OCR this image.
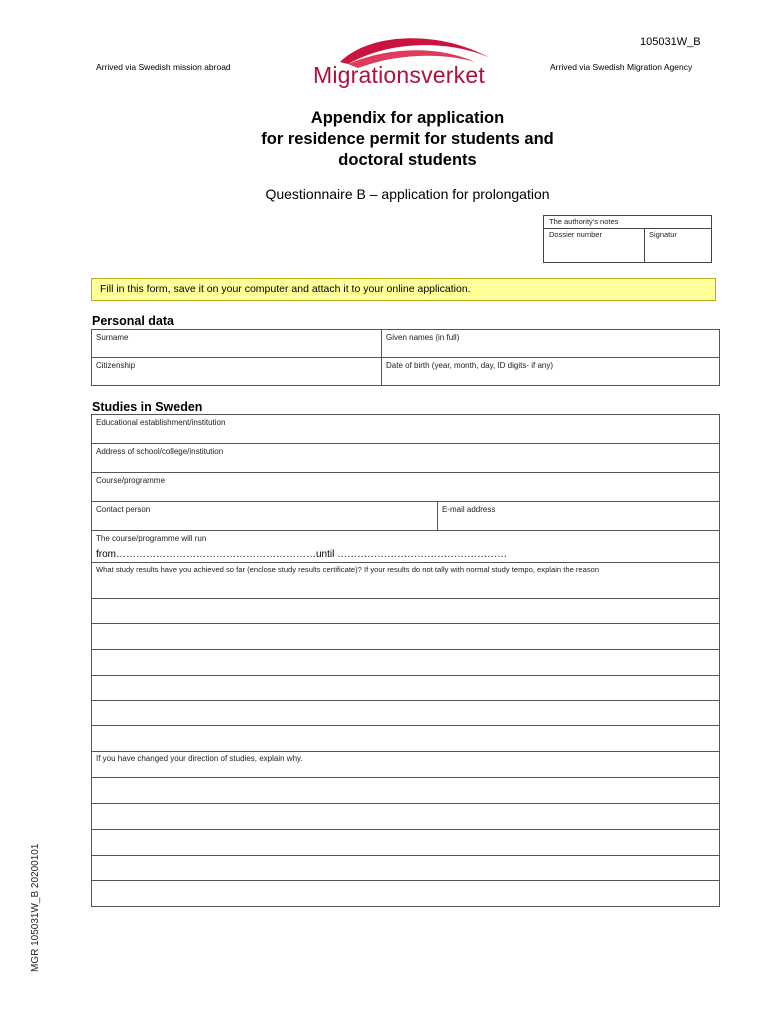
105031W_B
Arrived via Swedish mission abroad	Arrived via Swedish Migration Agency
Migrationsverket
Appendix for application
for residence permit for students and
doctoral students
Questionnaire B – application for prolongation
The authority's notes
Dossier number	Signatur
Fill in this form, save it on your computer and attach it to your online application.
Personal data
Surname	Given names (in full)
Citizenship	Date of birth (year, month, day, ID digits- if any)
Studies in Sweden
Educational establishment/institution
Address of school/college/institution
Course/programme
Contact person	E-mail address
The course/programme will run
from……………………………………………………until ……………………………………………
What study results have you achieved so far (enclose study results certificate)? If your results do not tally with normal study tempo, explain the reason
If you have changed your direction of studies, explain why.
MGR 105031W_B 20200101
